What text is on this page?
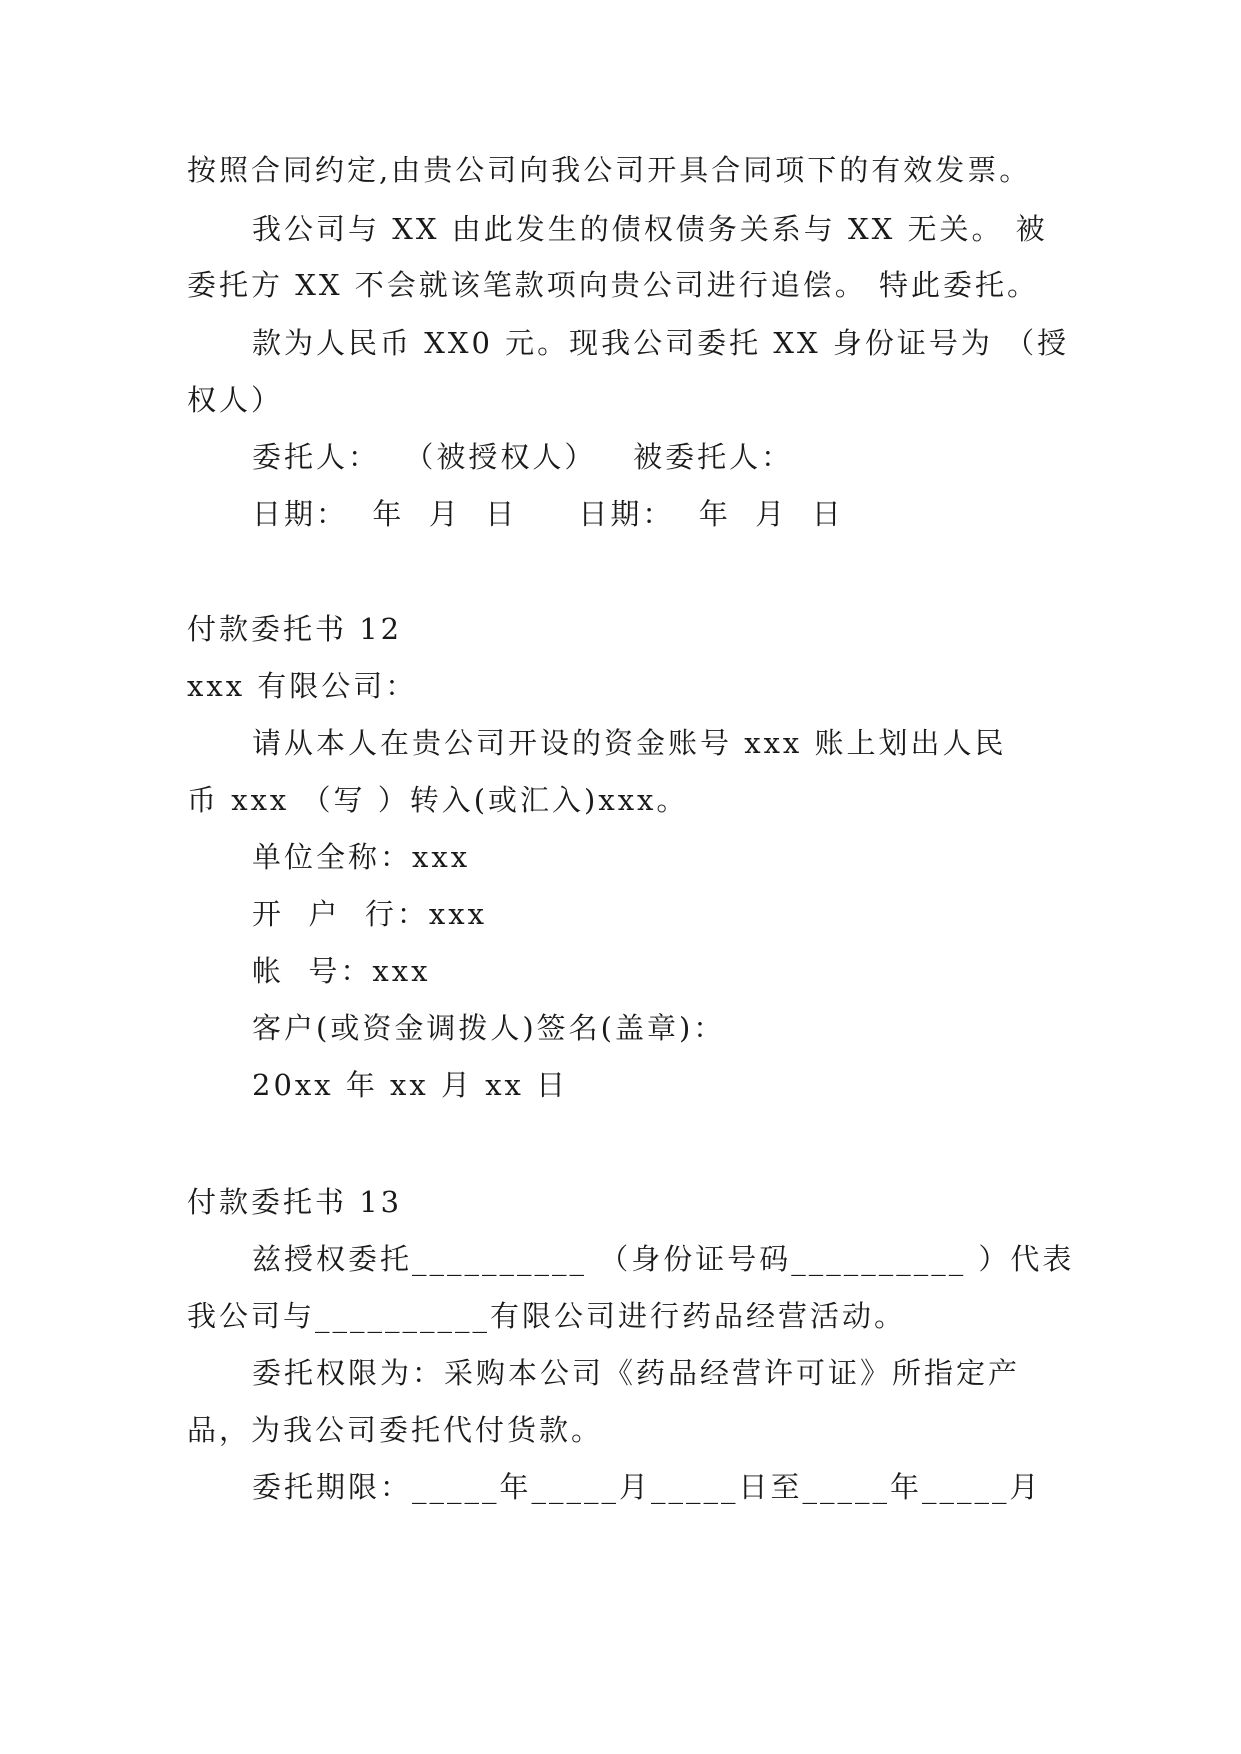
按照合同约定,由贵公司向我公司开具合同项下的有效发票。
我公司与 XX 由此发生的债权债务关系与 XX 无关。 被
委托方 XX 不会就该笔款项向贵公司进行追偿。 特此委托。
款为人民币 XX0 元。现我公司委托 XX 身份证号为 （授
权人）
委托人：  （被授权人）   被委托人：
日期：  年  月  日     日期：  年  月  日
付款委托书 12
xxx 有限公司：
请从本人在贵公司开设的资金账号 xxx 账上划出人民
币 xxx （写 ）转入(或汇入)xxx。
单位全称：xxx
开  户  行：xxx
帐  号：xxx
客户(或资金调拨人)签名(盖章)：
20xx 年 xx 月 xx 日
付款委托书 13
兹授权委托__________ （身份证号码__________ ）代表
我公司与__________有限公司进行药品经营活动。
委托权限为：采购本公司《药品经营许可证》所指定产
品，为我公司委托代付货款。
委托期限：_____年_____月_____日至_____年_____月
